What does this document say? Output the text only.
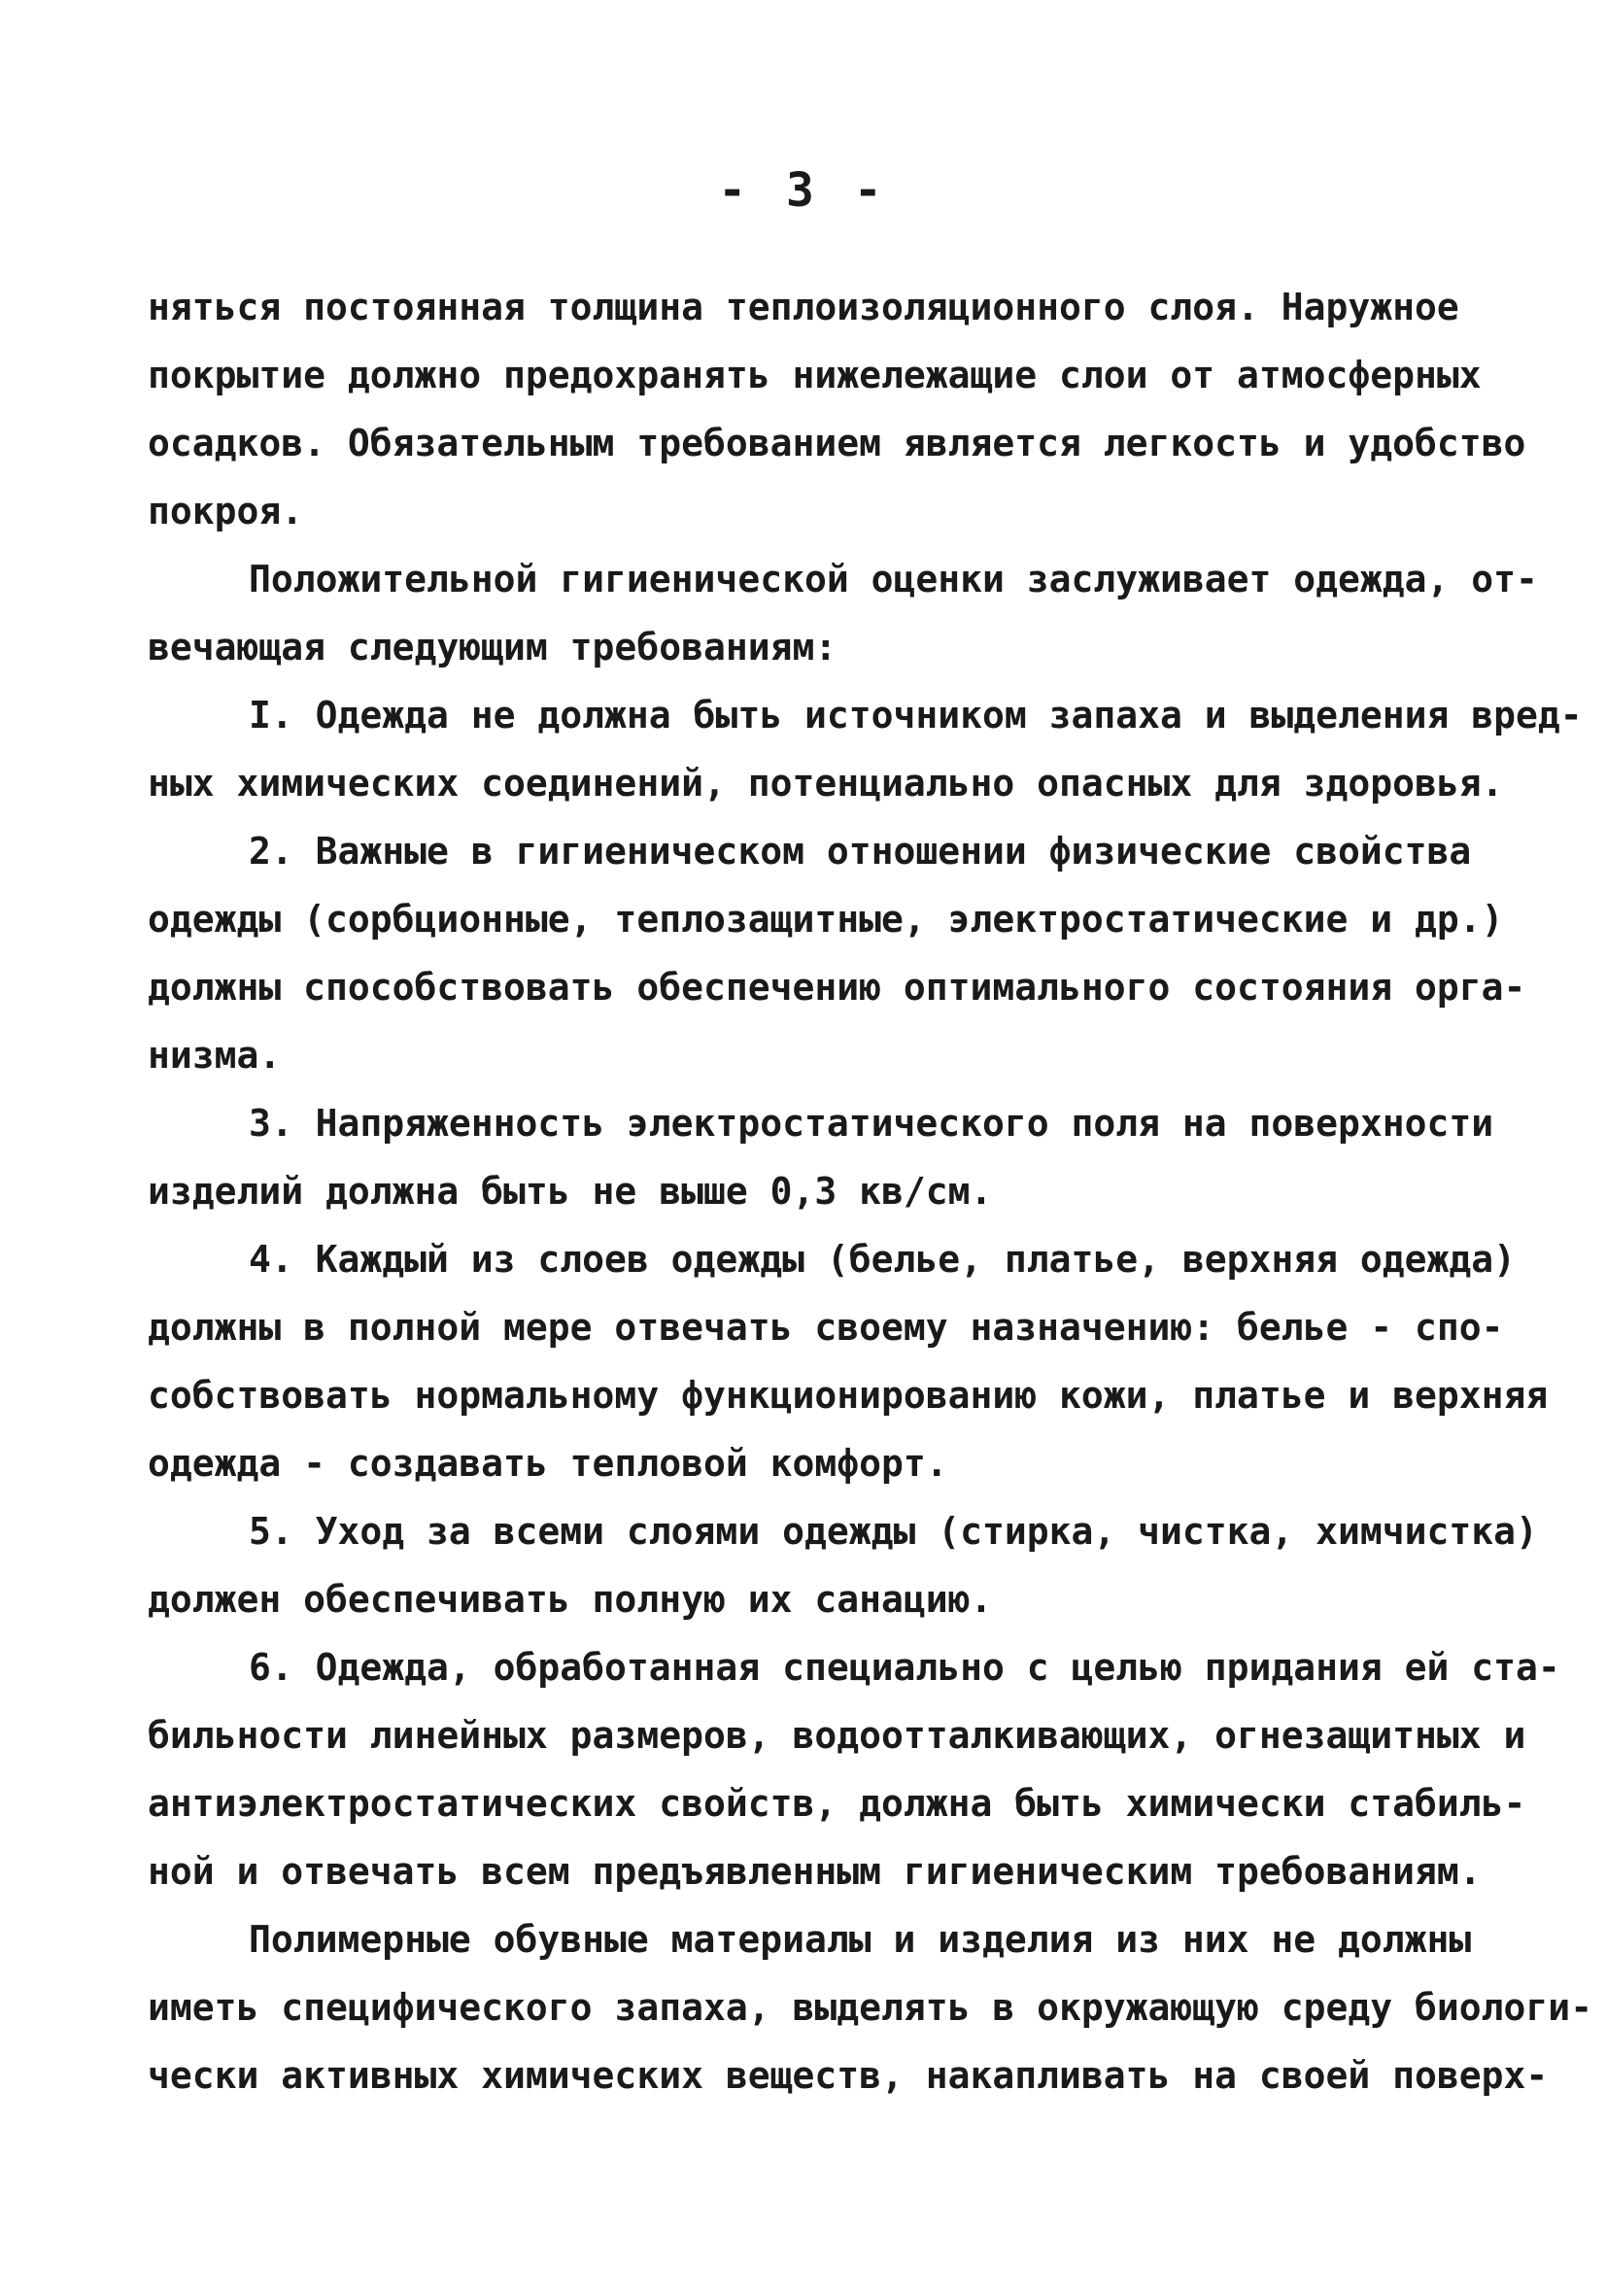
- 3 -
няться постоянная толщина теплоизоляционного слоя. Наружное
покрытие должно предохранять нижележащие слои от атмосферных
осадков. Обязательным требованием является легкость и удобство
покроя.
Положительной гигиенической оценки заслуживает одежда, от-
вечающая следующим требованиям:
I. Одежда не должна быть источником запаха и выделения вред-
ных химических соединений, потенциально опасных для здоровья.
2. Важные в гигиеническом отношении физические свойства
одежды (сорбционные, теплозащитные, электростатические и др.)
должны способствовать обеспечению оптимального состояния орга-
низма.
3. Напряженность электростатического поля на поверхности
изделий должна быть не выше 0,3 кв/см.
4. Каждый из слоев одежды (белье, платье, верхняя одежда)
должны в полной мере отвечать своему назначению: белье - спо-
собствовать нормальному функционированию кожи, платье и верхняя
одежда - создавать тепловой комфорт.
5. Уход за всеми слоями одежды (стирка, чистка, химчистка)
должен обеспечивать полную их санацию.
6. Одежда, обработанная специально с целью придания ей ста-
бильности линейных размеров, водоотталкивающих, огнезащитных и
антиэлектростатических свойств, должна быть химически стабиль-
ной и отвечать всем предъявленным гигиеническим требованиям.
Полимерные обувные материалы и изделия из них не должны
иметь специфического запаха, выделять в окружающую среду биологи-
чески активных химических веществ, накапливать на своей поверх-
